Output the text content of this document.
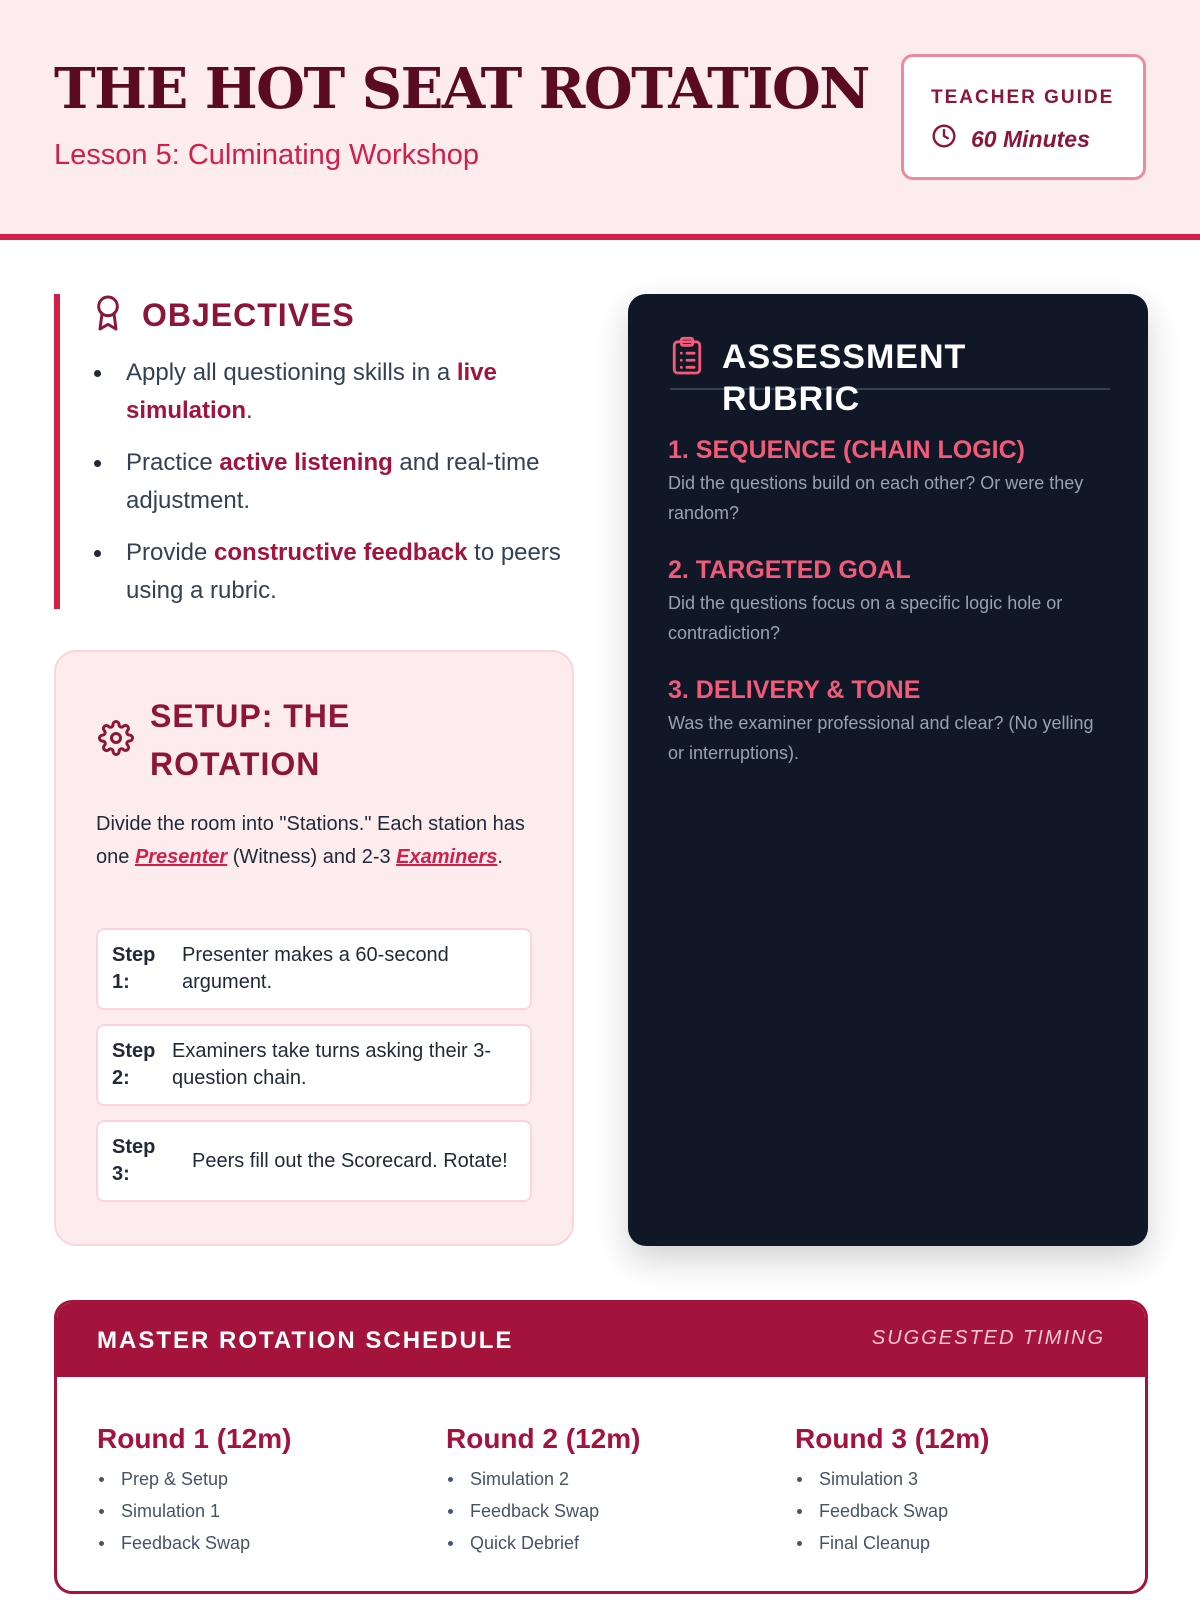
THE HOT SEAT ROTATION
Lesson 5: Culminating Workshop
TEACHER GUIDE
60 Minutes
OBJECTIVES
Apply all questioning skills in a live simulation.
Practice active listening and real-time adjustment.
Provide constructive feedback to peers using a rubric.
SETUP: THE ROTATION
Divide the room into "Stations." Each station has one Presenter (Witness) and 2-3 Examiners.
Step 1:
Presenter makes a 60-second argument.
Step 2:
Examiners take turns asking their 3-question chain.
Step 3:
Peers fill out the Scorecard. Rotate!
ASSESSMENT RUBRIC
1. SEQUENCE (CHAIN LOGIC)
Did the questions build on each other? Or were they random?
2. TARGETED GOAL
Did the questions focus on a specific logic hole or contradiction?
3. DELIVERY & TONE
Was the examiner professional and clear? (No yelling or interruptions).
MASTER ROTATION SCHEDULE	SUGGESTED TIMING
Round 1 (12m)
Prep & Setup
Simulation 1
Feedback Swap
Round 2 (12m)
Simulation 2
Feedback Swap
Quick Debrief
Round 3 (12m)
Simulation 3
Feedback Swap
Final Cleanup
